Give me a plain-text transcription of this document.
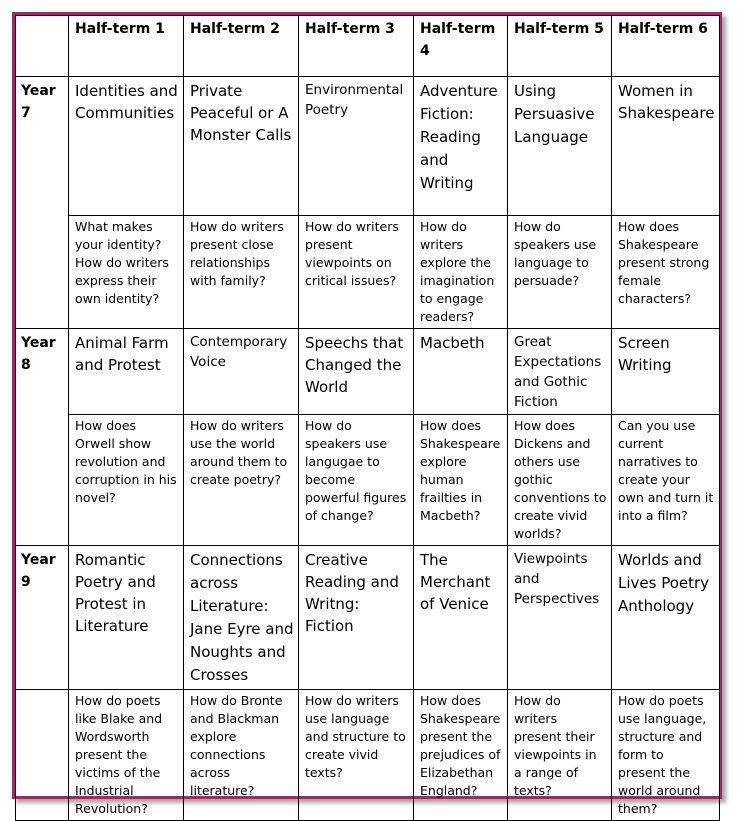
	Half-term 1	Half-term 2	Half-term 3	Half-term 4	Half-term 5	Half-term 6
Year 7	Identities and Communities	Private Peaceful or A Monster Calls	Environmental Poetry	Adventure Fiction: Reading and Writing	Using Persuasive Language	Women in Shakespeare
	What makes your identity? How do writers express their own identity?	How do writers present close relationships with family?	How do writers present viewpoints on critical issues?	How do writers explore the imagination to engage readers?	How do speakers use language to persuade?	How does Shakespeare present strong female characters?
Year 8	Animal Farm and Protest	Contemporary Voice	Speechs that Changed the World	Macbeth	Great Expectations and Gothic Fiction	Screen Writing
	How does Orwell show revolution and corruption in his novel?	How do writers use the world around them to create poetry?	How do speakers use langugae to become powerful figures of change?	How does Shakespeare explore human frailties in Macbeth?	How does Dickens and others use gothic conventions to create vivid worlds?	Can you use current narratives to create your own and turn it into a film?
Year 9	Romantic Poetry and Protest in Literature	Connections across Literature: Jane Eyre and Noughts and Crosses	Creative Reading and Writng: Fiction	The Merchant of Venice	Viewpoints and Perspectives	Worlds and Lives Poetry Anthology
	How do poets like Blake and Wordsworth present the victims of the Industrial Revolution?	How do Bronte and Blackman explore connections across literature?	How do writers use language and structure to create vivid texts?	How does Shakespeare present the prejudices of Elizabethan England?	How do writers present their viewpoints in a range of texts?	How do poets use language, structure and form to present the world around them?
